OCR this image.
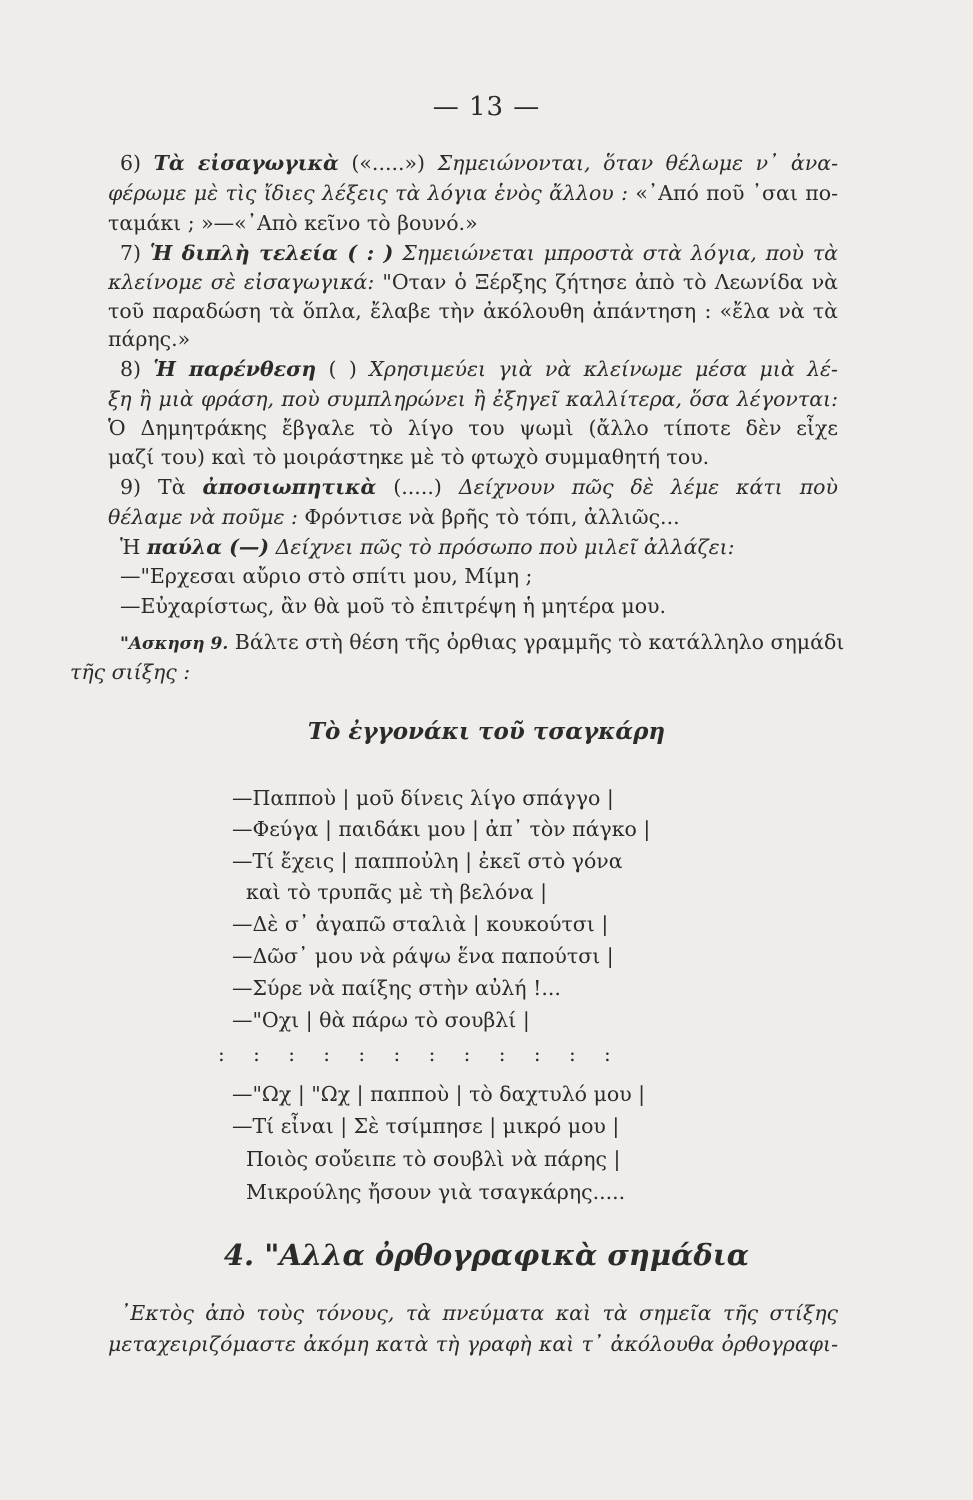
— 13 —
6) Τὰ εἰσαγωγικὰ («.....») Σημειώνονται, ὅταν θέλωμε ν᾽ ἀνα-
φέρωμε μὲ τὶς ἴδιες λέξεις τὰ λόγια ἑνὸς ἄλλου : «᾽Από ποῦ ᾽σαι πο-
ταμάκι ; »—«᾽Απὸ κεῖνο τὸ βουνό.»
7) Ἡ διπλὴ τελεία ( : ) Σημειώνεται μπροστὰ στὰ λόγια, ποὺ τὰ
κλείνομε σὲ εἰσαγωγικά: "Οταν ὁ Ξέρξης ζήτησε ἀπὸ τὸ Λεωνίδα νὰ
τοῦ παραδώση τὰ ὅπλα, ἔλαβε τὴν ἀκόλουθη ἀπάντηση : «ἔλα νὰ τὰ
πάρης.»
8) Ἡ παρένθεση ( ) Χρησιμεύει γιὰ νὰ κλείνωμε μέσα μιὰ λέ-
ξη ἢ μιὰ φράση, ποὺ συμπληρώνει ἢ ἐξηγεῖ καλλίτερα, ὅσα λέγονται:
Ὁ Δημητράκης ἔβγαλε τὸ λίγο του ψωμὶ (ἄλλο τίποτε δὲν εἶχε
μαζί του) καὶ τὸ μοιράστηκε μὲ τὸ φτωχὸ συμμαθητή του.
9) Τὰ ἀποσιωπητικὰ (.....) Δείχνουν πῶς δὲ λέμε κάτι ποὺ
θέλαμε νὰ ποῦμε : Φρόντισε νὰ βρῆς τὸ τόπι, ἀλλιῶς...
Ἡ παύλα (—) Δείχνει πῶς τὸ πρόσωπο ποὺ μιλεῖ ἀλλάζει:
—"Ερχεσαι αὔριο στὸ σπίτι μου, Μίμη ;
—Εὐχαρίστως, ἂν θὰ μοῦ τὸ ἐπιτρέψη ἡ μητέρα μου.
"Ασκηση 9. Βάλτε στὴ θέση τῆς ὀρθιας γραμμῆς τὸ κατάλληλο σημάδι
τῆς σιίξης :
Τὸ ἐγγονάκι τοῦ τσαγκάρη
—Παπποὺ | μοῦ δίνεις λίγο σπάγγο |
—Φεύγα | παιδάκι μου | ἀπ᾽ τὸν πάγκο |
—Τί ἔχεις | παπποὐλη | ἐκεῖ στὸ γόνα
καὶ τὸ τρυπᾶς μὲ τὴ βελόνα |
—Δὲ σ᾽ ἀγαπῶ σταλιὰ | κουκούτσι |
—Δῶσ᾽ μου νὰ ράψω ἕνα παπούτσι |
—Σύρε νὰ παίξης στὴν αὐλή !...
—"Οχι | θὰ πάρω τὸ σουβλί |
: : : : : : : : : : : :
—"Ωχ | "Ωχ | παπποὺ | τὸ δαχτυλό μου |
—Τί εἶναι | Σὲ τσίμπησε | μικρό μου |
Ποιὸς σοὔειπε τὸ σουβλὶ νὰ πάρης |
Μικρούλης ἤσουν γιὰ τσαγκάρης.....
4. "Αλλα ὀρθογραφικὰ σημάδια
᾽Εκτὸς ἀπὸ τοὺς τόνους, τὰ πνεύματα καὶ τὰ σημεῖα τῆς στίξης
μεταχειριζόμαστε ἀκόμη κατὰ τὴ γραφὴ καὶ τ᾽ ἀκόλουθα ὀρθογραφι-
